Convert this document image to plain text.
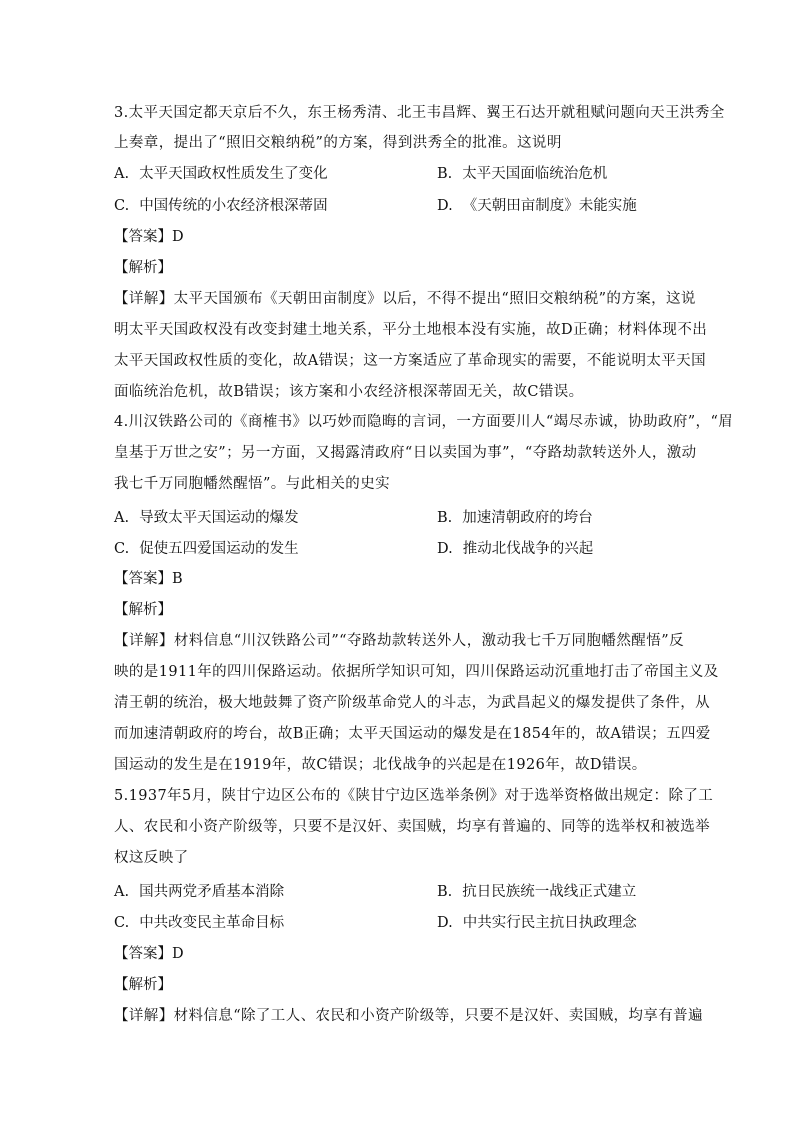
3.太平天国定都天京后不久，东王杨秀清、北王韦昌辉、翼王石达开就租赋问题向天王洪秀全
上奏章，提出了“照旧交粮纳税”的方案，得到洪秀全的批准。这说明
A. 太平天国政权性质发生了变化	B. 太平天国面临统治危机
C. 中国传统的小农经济根深蒂固	D. 《天朝田亩制度》未能实施
【答案】D
【解析】
【详解】太平天国颁布《天朝田亩制度》以后，不得不提出“照旧交粮纳税”的方案，这说
明太平天国政权没有改变封建土地关系，平分土地根本没有实施，故D正确；材料体现不出
太平天国政权性质的变化，故A错误；这一方案适应了革命现实的需要，不能说明太平天国
面临统治危机，故B错误；该方案和小农经济根深蒂固无关，故C错误。
4.川汉铁路公司的《商榷书》以巧妙而隐晦的言词，一方面要川人“竭尽赤诚，协助政府”，“眉
皇基于万世之安”；另一方面，又揭露清政府“日以卖国为事”，“夺路劫款转送外人，激动
我七千万同胞幡然醒悟”。与此相关的史实
A. 导致太平天国运动的爆发	B. 加速清朝政府的垮台
C. 促使五四爱国运动的发生	D. 推动北伐战争的兴起
【答案】B
【解析】
【详解】材料信息“川汉铁路公司”“夺路劫款转送外人，激动我七千万同胞幡然醒悟”反
映的是1911年的四川保路运动。依据所学知识可知，四川保路运动沉重地打击了帝国主义及
清王朝的统治，极大地鼓舞了资产阶级革命党人的斗志，为武昌起义的爆发提供了条件，从
而加速清朝政府的垮台，故B正确；太平天国运动的爆发是在1854年的，故A错误；五四爱
国运动的发生是在1919年，故C错误；北伐战争的兴起是在1926年，故D错误。
5.1937年5月，陕甘宁边区公布的《陕甘宁边区选举条例》对于选举资格做出规定：除了工
人、农民和小资产阶级等，只要不是汉奸、卖国贼，均享有普遍的、同等的选举权和被选举
权这反映了
A. 国共两党矛盾基本消除	B. 抗日民族统一战线正式建立
C. 中共改变民主革命目标	D. 中共实行民主抗日执政理念
【答案】D
【解析】
【详解】材料信息“除了工人、农民和小资产阶级等，只要不是汉奸、卖国贼，均享有普遍
